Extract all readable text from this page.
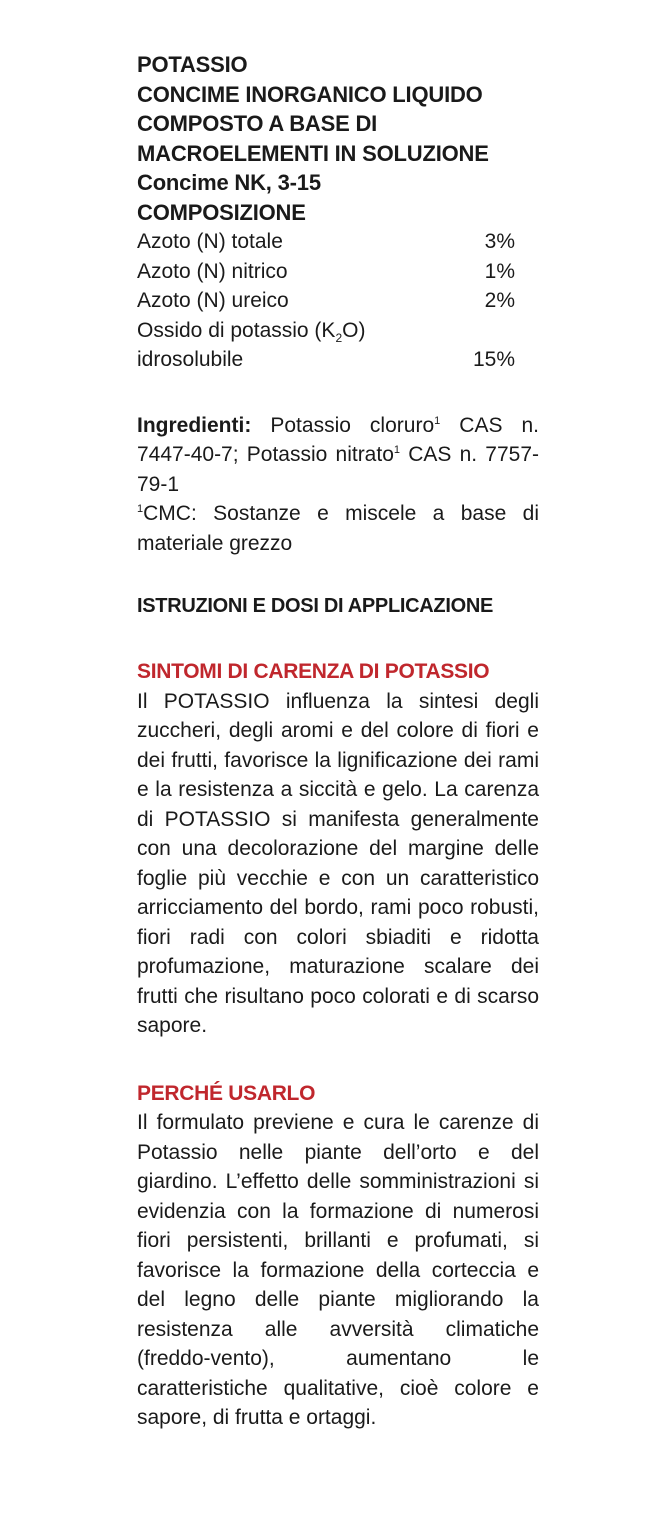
POTASSIO
CONCIME INORGANICO LIQUIDO
COMPOSTO A BASE DI
MACROELEMENTI IN SOLUZIONE
Concime NK, 3-15
COMPOSIZIONE
Azoto (N) totale	3%
Azoto (N) nitrico	1%
Azoto (N) ureico	2%
Ossido di potassio $(K_2O)$
idrosolubile	15%

Ingredienti: Potassio cloruro$^1$ CAS n. 7447-40-7; Potassio nitrato$^1$ CAS n. 7757-79-1

$^1$CMC: Sostanze e miscele a base di materiale grezzo

ISTRUZIONI E DOSI DI APPLICAZIONE
SINTOMI DI CARENZA DI POTASSIO

Il POTASSIO influenza la sintesi degli zuccheri, degli aromi e del colore di fiori e dei frutti, favorisce la lignificazione dei rami e la resistenza a siccità e gelo. La carenza di POTASSIO si manifesta generalmente con una decolorazione del margine delle foglie più vecchie e con un caratteristico arricciamento del bordo, rami poco robusti, fiori radi con colori sbiaditi e ridotta profumazione, maturazione scalare dei frutti che risultano poco colorati e di scarso sapore.

PERCHÉ USARLO

Il formulato previene e cura le carenze di Potassio nelle piante dell’orto e del giardino. L’effetto delle somministrazioni si evidenzia con la formazione di numerosi fiori persistenti, brillanti e profumati, si favorisce la formazione della corteccia e del legno delle piante migliorando la resistenza alle avversità climatiche (freddo-vento), aumentano le caratteristiche qualitative, cioè colore e sapore, di frutta e ortaggi.
